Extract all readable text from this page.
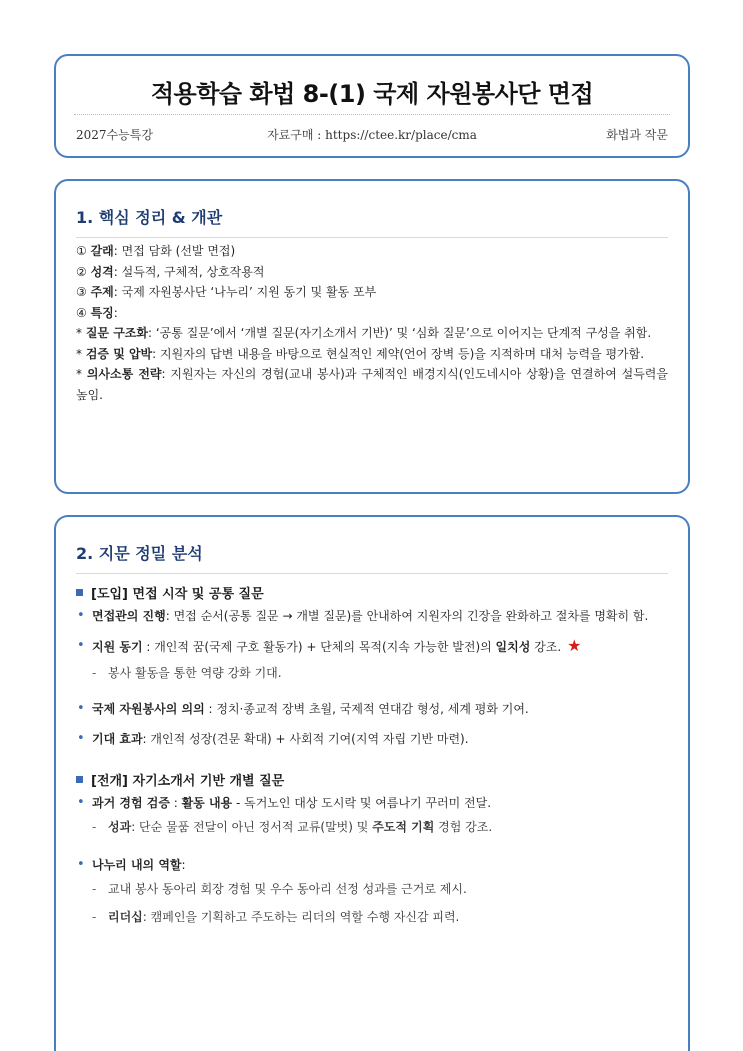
적용학습 화법 8-(1) 국제 자원봉사단 면접
2027수능특강	자료구매 : https://ctee.kr/place/cma	화법과 작문
1. 핵심 정리 & 개관

① 갈래: 면접 담화 (선발 면접)

② 성격: 설득적, 구체적, 상호작용적

③ 주제: 국제 자원봉사단 ‘나누리’ 지원 동기 및 활동 포부

④ 특징:

* 질문 구조화: ‘공통 질문’에서 ‘개별 질문(자기소개서 기반)’ 및 ‘심화 질문’으로 이어지는 단계적 구성을 취함.

* 검증 및 압박: 지원자의 답변 내용을 바탕으로 현실적인 제약(언어 장벽 등)을 지적하며 대처 능력을 평가함.

* 의사소통 전략: 지원자는 자신의 경험(교내 봉사)과 구체적인 배경지식(인도네시아 상황)을 연결하여 설득력을 높임.

2. 지문 정밀 분석
[도입] 면접 시작 및 공통 질문
• 면접관의 진행: 면접 순서(공통 질문 → 개별 질문)를 안내하여 지원자의 긴장을 완화하고 절차를 명확히 함.
• 지원 동기 : 개인적 꿈(국제 구호 활동가) + 단체의 목적(지속 가능한 발전)의 일치성 강조. ★
- 봉사 활동을 통한 역량 강화 기대.
• 국제 자원봉사의 의의 : 정치·종교적 장벽 초월, 국제적 연대감 형성, 세계 평화 기여.
• 기대 효과: 개인적 성장(견문 확대) + 사회적 기여(지역 자립 기반 마련).
[전개] 자기소개서 기반 개별 질문
• 과거 경험 검증 : 활동 내용 - 독거노인 대상 도시락 및 여름나기 꾸러미 전달.
- 성과: 단순 물품 전달이 아닌 정서적 교류(말벗) 및 주도적 기획 경험 강조.
• 나누리 내의 역할:
- 교내 봉사 동아리 회장 경험 및 우수 동아리 선정 성과를 근거로 제시.
- 리더십: 캠페인을 기획하고 주도하는 리더의 역할 수행 자신감 피력.
